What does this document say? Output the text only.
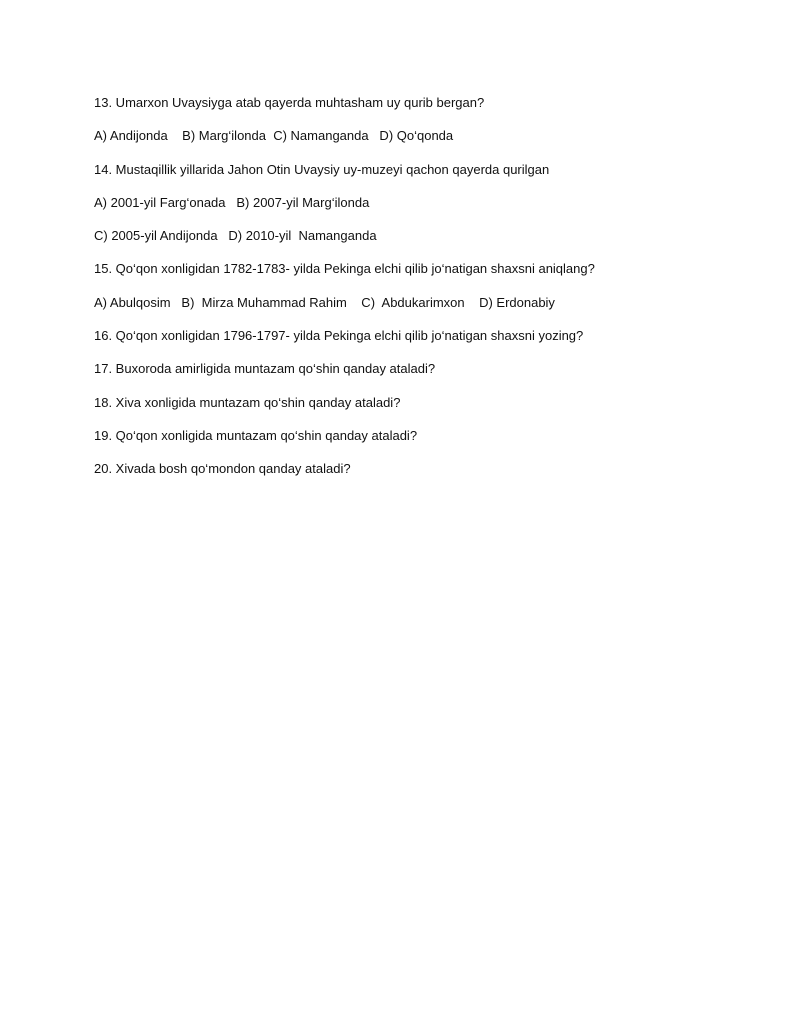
13. Umarxon Uvaysiyga atab qayerda muhtasham uy qurib bergan?
A) Andijonda    B) Marg‘ilonda  C) Namanganda   D) Qo‘qonda
14. Mustaqillik yillarida Jahon Otin Uvaysiy uy-muzeyi qachon qayerda qurilgan
A) 2001-yil Farg‘onada   B) 2007-yil Marg‘ilonda
C) 2005-yil Andijonda   D) 2010-yil  Namanganda
15. Qo‘qon xonligidan 1782-1783- yilda Pekinga elchi qilib jo‘natigan shaxsni aniqlang?
A) Abulqosim   B)  Mirza Muhammad Rahim    C)  Abdukarimxon    D) Erdonabiy
16. Qo‘qon xonligidan 1796-1797- yilda Pekinga elchi qilib jo‘natigan shaxsni yozing?
17. Buxoroda amirligida muntazam qo‘shin qanday ataladi?
18. Xiva xonligida muntazam qo‘shin qanday ataladi?
19. Qo‘qon xonligida muntazam qo‘shin qanday ataladi?
20. Xivada bosh qo‘mondon qanday ataladi?
